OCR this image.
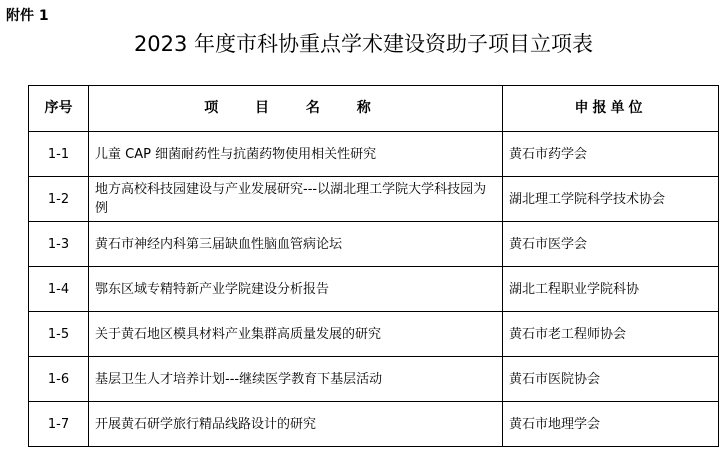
附件 1
2023 年度市科协重点学术建设资助子项目立项表
序号	项 目 名 称	申报单位
1-1	儿童 CAP 细菌耐药性与抗菌药物使用相关性研究	黄石市药学会
1-2	地方高校科技园建设与产业发展研究---以湖北理工学院大学科技园为例	湖北理工学院科学技术协会
1-3	黄石市神经内科第三届缺血性脑血管病论坛	黄石市医学会
1-4	鄂东区域专精特新产业学院建设分析报告	湖北工程职业学院科协
1-5	关于黄石地区模具材料产业集群高质量发展的研究	黄石市老工程师协会
1-6	基层卫生人才培养计划---继续医学教育下基层活动	黄石市医院协会
1-7	开展黄石研学旅行精品线路设计的研究	黄石市地理学会
